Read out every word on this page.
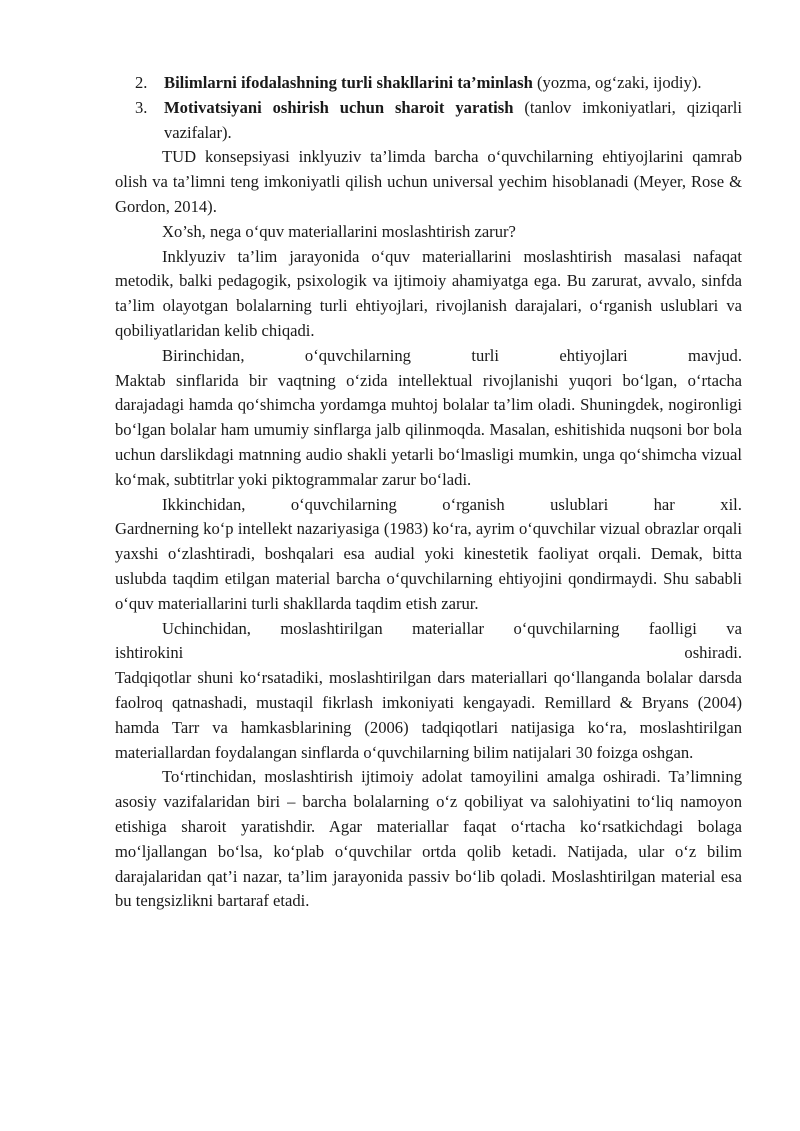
2. Bilimlarni ifodalashning turli shakllarini ta’minlash (yozma, og‘zaki, ijodiy).
3. Motivatsiyani oshirish uchun sharoit yaratish (tanlov imkoniyatlari, qiziqarli vazifalar).

TUD konsepsiyasi inklyuziv ta’limda barcha o‘quvchilarning ehtiyojlarini qamrab olish va ta’limni teng imkoniyatli qilish uchun universal yechim hisoblanadi (Meyer, Rose & Gordon, 2014).

Xo’sh, nega o‘quv materiallarini moslashtirish zarur?

Inklyuziv ta’lim jarayonida o‘quv materiallarini moslashtirish masalasi nafaqat metodik, balki pedagogik, psixologik va ijtimoiy ahamiyatga ega. Bu zarurat, avvalo, sinfda ta’lim olayotgan bolalarning turli ehtiyojlari, rivojlanish darajalari, o‘rganish uslublari va qobiliyatlaridan kelib chiqadi.

Birinchidan,	o‘quvchilarning	turli	ehtiyojlari	mavjud.

Maktab sinflarida bir vaqtning o‘zida intellektual rivojlanishi yuqori bo‘lgan, o‘rtacha darajadagi hamda qo‘shimcha yordamga muhtoj bolalar ta’lim oladi. Shuningdek, nogironligi bo‘lgan bolalar ham umumiy sinflarga jalb qilinmoqda. Masalan, eshitishida nuqsoni bor bola uchun darslikdagi matnning audio shakli yetarli bo‘lmasligi mumkin, unga qo‘shimcha vizual ko‘mak, subtitrlar yoki piktogrammalar zarur bo‘ladi.

Ikkinchidan,	o‘quvchilarning	o‘rganish	uslublari	har	xil.

Gardnerning ko‘p intellekt nazariyasiga (1983) ko‘ra, ayrim o‘quvchilar vizual obrazlar orqali yaxshi o‘zlashtiradi, boshqalari esa audial yoki kinestetik faoliyat orqali. Demak, bitta uslubda taqdim etilgan material barcha o‘quvchilarning ehtiyojini qondirmaydi. Shu sababli o‘quv materiallarini turli shakllarda taqdim etish zarur.

Uchinchidan, moslashtirilgan materiallar o‘quvchilarning faolligi va
ishtirokini	oshiradi.

Tadqiqotlar shuni ko‘rsatadiki, moslashtirilgan dars materiallari qo‘llanganda bolalar darsda faolroq qatnashadi, mustaqil fikrlash imkoniyati kengayadi. Remillard & Bryans (2004) hamda Tarr va hamkasblarining (2006) tadqiqotlari natijasiga ko‘ra, moslashtirilgan materiallardan foydalangan sinflarda o‘quvchilarning bilim natijalari 30 foizga oshgan.

To‘rtinchidan, moslashtirish ijtimoiy adolat tamoyilini amalga oshiradi. Ta’limning asosiy vazifalaridan biri – barcha bolalarning o‘z qobiliyat va salohiyatini to‘liq namoyon etishiga sharoit yaratishdir. Agar materiallar faqat o‘rtacha ko‘rsatkichdagi bolaga mo‘ljallangan bo‘lsa, ko‘plab o‘quvchilar ortda qolib ketadi. Natijada, ular o‘z bilim darajalaridan qat’i nazar, ta’lim jarayonida passiv bo‘lib qoladi. Moslashtirilgan material esa bu tengsizlikni bartaraf etadi.
